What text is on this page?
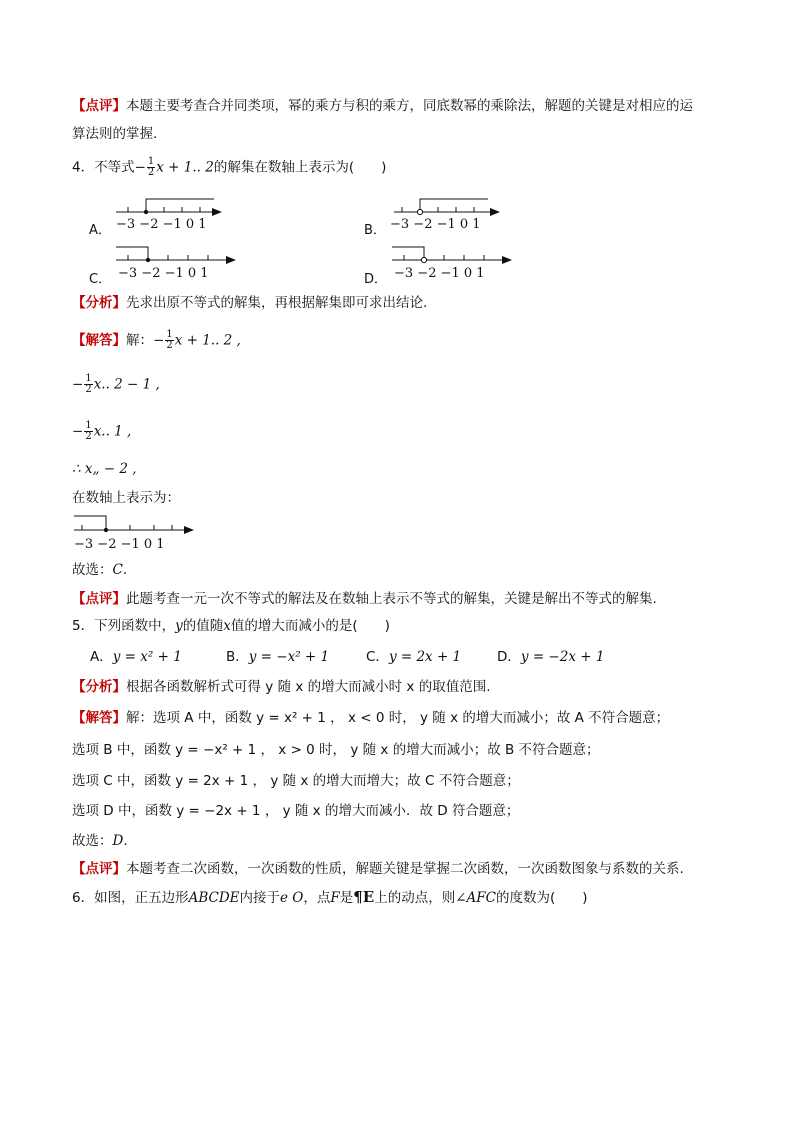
【点评】本题主要考查合并同类项，幂的乘方与积的乘方，同底数幂的乘除法，解题的关键是对相应的运
算法则的掌握.
4．不等式− $\frac{1}{2}$ x + 1.. 2的解集在数轴上表示为(　　)
A． −3 −2 −1 0 1	B． −3 −2 −1 0 1
C． −3 −2 −1 0 1	D． −3 −2 −1 0 1
【分析】先求出原不等式的解集，再根据解集即可求出结论.
【解答】解：− $\frac{1}{2}$ x + 1.. 2 ,
− $\frac{1}{2} x$.. 2 − 1 ,
− $\frac{1}{2} x$.. 1 ,
∴ x„ − 2 ,
在数轴上表示为：
−3 −2 −1 0 1
故选：C.
【点评】此题考查一元一次不等式的解法及在数轴上表示不等式的解集，关键是解出不等式的解集.
5．下列函数中，y的值随x值的增大而减小的是(　　)
A．y = x² + 1	B．y = −x² + 1	C．y = 2x + 1	D．y = −2x + 1
【分析】根据各函数解析式可得 y 随 x 的增大而减小时 x 的取值范围.
【解答】解：选项 A 中，函数 y = x² + 1 ， x < 0 时， y 随 x 的增大而减小；故 A 不符合题意；
选项 B 中，函数 y = −x² + 1 ， x > 0 时， y 随 x 的增大而减小；故 B 不符合题意；
选项 C 中，函数 y = 2x + 1 ， y 随 x 的增大而增大；故 C 不符合题意；
选项 D 中，函数 y = −2x + 1 ， y 随 x 的增大而减小．故 D 符合题意；
故选：D.
【点评】本题考查二次函数，一次函数的性质，解题关键是掌握二次函数，一次函数图象与系数的关系.
6．如图，正五边形ABCDE内接于e O，点F是¶E上的动点，则∠AFC的度数为(　　)
